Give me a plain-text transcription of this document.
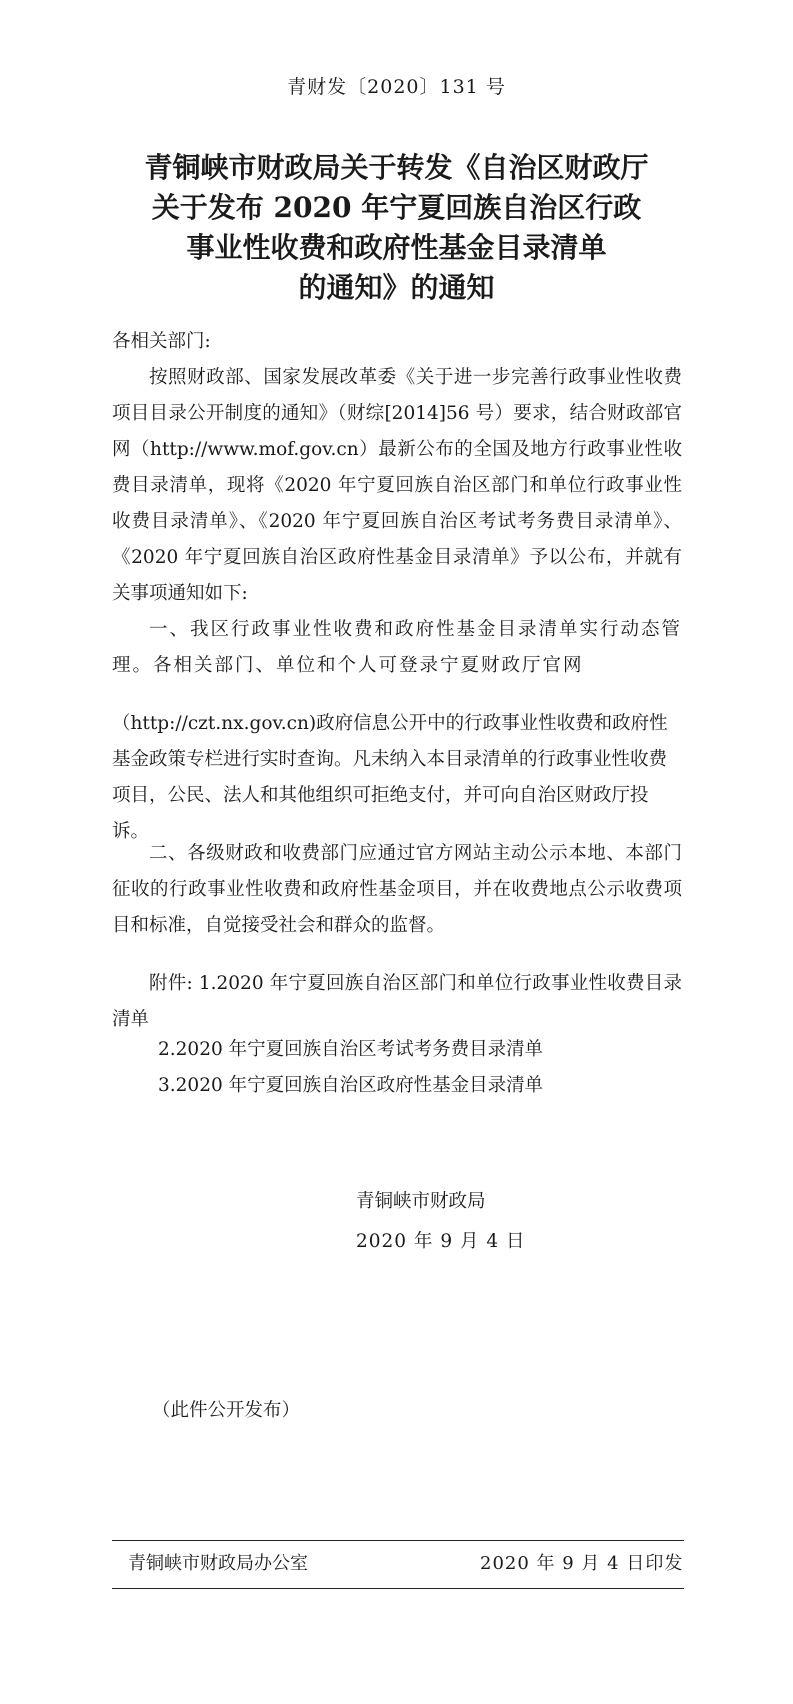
青财发〔2020〕131 号
青铜峡市财政局关于转发《自治区财政厅
关于发布 2020 年宁夏回族自治区行政
事业性收费和政府性基金目录清单
的通知》的通知
各相关部门:
按照财政部、国家发展改革委《关于进一步完善行政事业性收费项目目录公开制度的通知》（财综[2014]56 号）要求，结合财政部官网（http://www.mof.gov.cn）最新公布的全国及地方行政事业性收费目录清单，现将《2020 年宁夏回族自治区部门和单位行政事业性收费目录清单》、《2020 年宁夏回族自治区考试考务费目录清单》、《2020 年宁夏回族自治区政府性基金目录清单》予以公布，并就有关事项通知如下:
一、我区行政事业性收费和政府性基金目录清单实行动态管理。各相关部门、单位和个人可登录宁夏财政厅官网
（http://czt.nx.gov.cn)政府信息公开中的行政事业性收费和政府性基金政策专栏进行实时查询。凡未纳入本目录清单的行政事业性收费项目，公民、法人和其他组织可拒绝支付，并可向自治区财政厅投诉。
二、各级财政和收费部门应通过官方网站主动公示本地、本部门征收的行政事业性收费和政府性基金项目，并在收费地点公示收费项目和标准，自觉接受社会和群众的监督。
附件: 1.2020 年宁夏回族自治区部门和单位行政事业性收费目录清单
2.2020 年宁夏回族自治区考试考务费目录清单
3.2020 年宁夏回族自治区政府性基金目录清单
青铜峡市财政局
2020 年 9 月 4 日
（此件公开发布）
青铜峡市财政局办公室	2020 年 9 月 4 日印发
